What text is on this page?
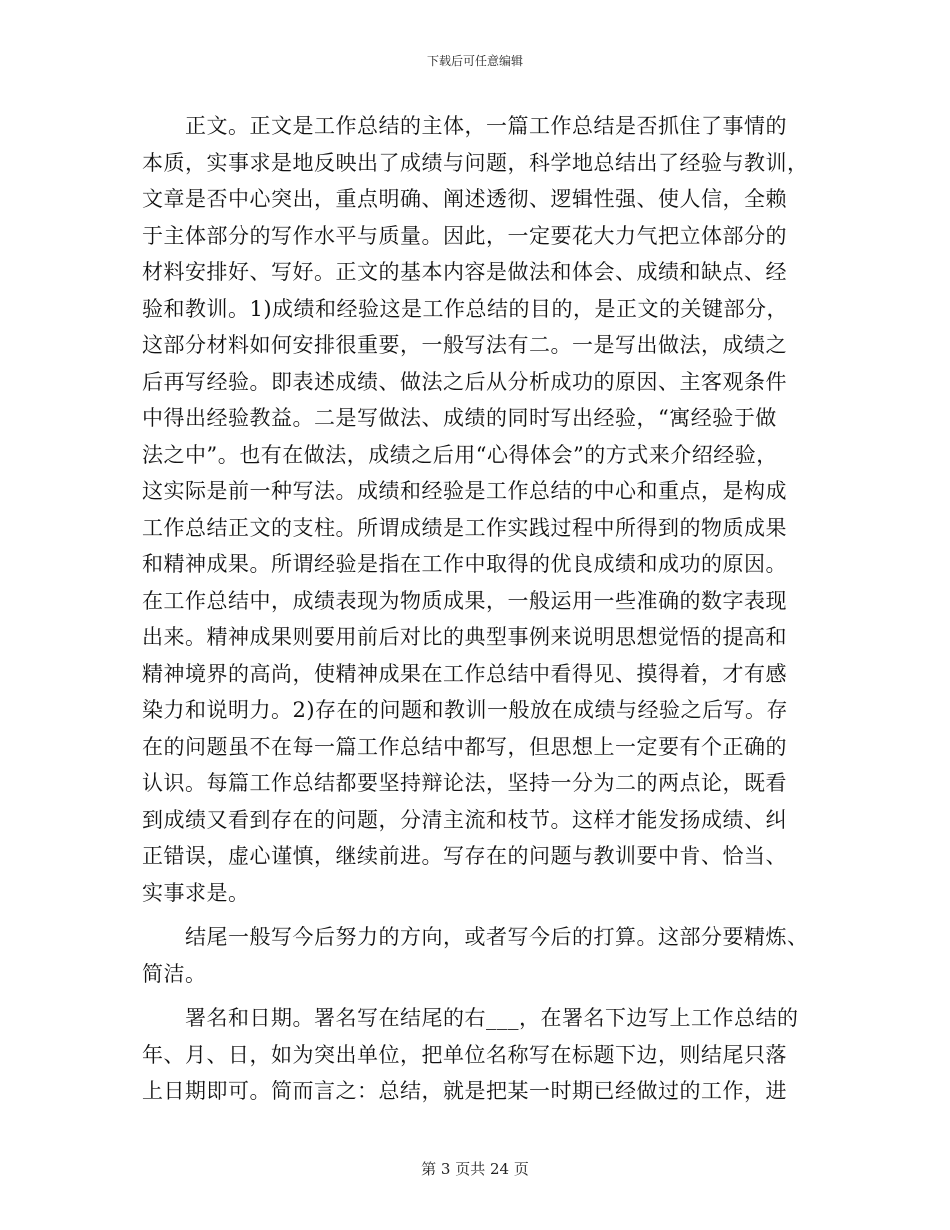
下载后可任意编辑
　　正文。正文是工作总结的主体，一篇工作总结是否抓住了事情的
本质，实事求是地反映出了成绩与问题，科学地总结出了经验与教训，
文章是否中心突出，重点明确、阐述透彻、逻辑性强、使人信，全赖
于主体部分的写作水平与质量。因此，一定要花大力气把立体部分的
材料安排好、写好。正文的基本内容是做法和体会、成绩和缺点、经
验和教训。1)成绩和经验这是工作总结的目的，是正文的关键部分，
这部分材料如何安排很重要，一般写法有二。一是写出做法，成绩之
后再写经验。即表述成绩、做法之后从分析成功的原因、主客观条件
中得出经验教益。二是写做法、成绩的同时写出经验，“寓经验于做
法之中”。也有在做法，成绩之后用“心得体会”的方式来介绍经验，
这实际是前一种写法。成绩和经验是工作总结的中心和重点，是构成
工作总结正文的支柱。所谓成绩是工作实践过程中所得到的物质成果
和精神成果。所谓经验是指在工作中取得的优良成绩和成功的原因。
在工作总结中，成绩表现为物质成果，一般运用一些准确的数字表现
出来。精神成果则要用前后对比的典型事例来说明思想觉悟的提高和
精神境界的高尚，使精神成果在工作总结中看得见、摸得着，才有感
染力和说明力。2)存在的问题和教训一般放在成绩与经验之后写。存
在的问题虽不在每一篇工作总结中都写，但思想上一定要有个正确的
认识。每篇工作总结都要坚持辩论法，坚持一分为二的两点论，既看
到成绩又看到存在的问题，分清主流和枝节。这样才能发扬成绩、纠
正错误，虚心谨慎，继续前进。写存在的问题与教训要中肯、恰当、
实事求是。
　　结尾一般写今后努力的方向，或者写今后的打算。这部分要精炼、
简洁。
　　署名和日期。署名写在结尾的右___，在署名下边写上工作总结的
年、月、日，如为突出单位，把单位名称写在标题下边，则结尾只落
上日期即可。简而言之：总结，就是把某一时期已经做过的工作，进
第 3 页共 24 页
